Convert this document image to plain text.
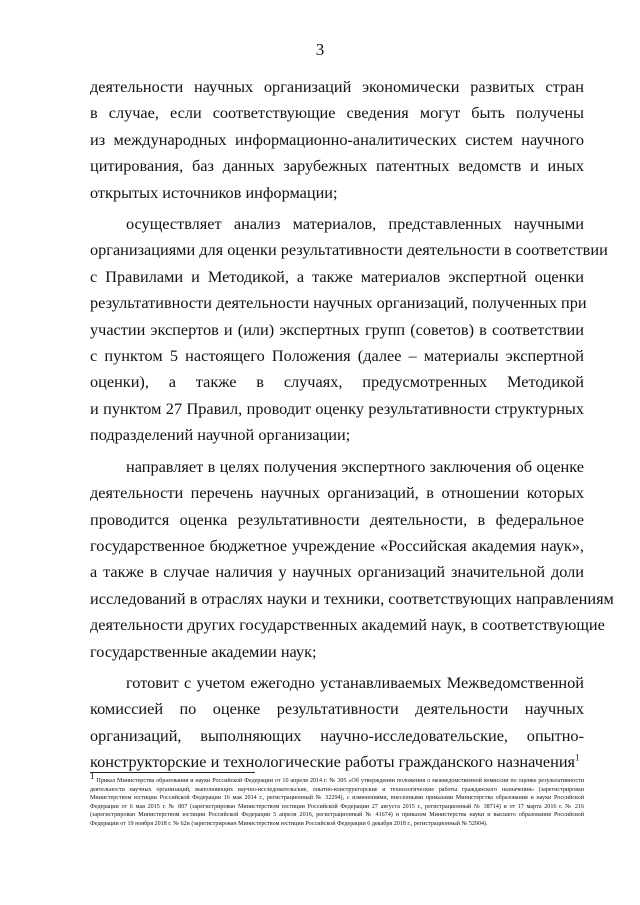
3

деятельности научных организаций экономически развитых стран
в случае, если соответствующие сведения могут быть получены
из международных информационно-аналитических систем научного
цитирования, баз данных зарубежных патентных ведомств и иных
открытых источников информации;

осуществляет анализ материалов, представленных научными
организациями для оценки результативности деятельности в соответствии
с Правилами и Методикой, а также материалов экспертной оценки
результативности деятельности научных организаций, полученных при
участии экспертов и (или) экспертных групп (советов) в соответствии
с пунктом 5 настоящего Положения (далее – материалы экспертной
оценки), а также в случаях, предусмотренных Методикой
и пунктом 27 Правил, проводит оценку результативности структурных
подразделений научной организации;

направляет в целях получения экспертного заключения об оценке
деятельности перечень научных организаций, в отношении которых
проводится оценка результативности деятельности, в федеральное
государственное бюджетное учреждение «Российская академия наук»,
а также в случае наличия у научных организаций значительной доли
исследований в отраслях науки и техники, соответствующих направлениям
деятельности других государственных академий наук, в соответствующие
государственные академии наук;

готовит с учетом ежегодно устанавливаемых Межведомственной
комиссией по оценке результативности деятельности научных
организаций, выполняющих научно-исследовательские, опытно-
конструкторские и технологические работы гражданского назначения$^1$

1 Приказ Министерства образования и науки Российской Федерации от 10 апреля 2014 г. № 305 «Об утверждении положения о межведомственной комиссии по оценке результативности деятельности научных организаций, выполняющих научно-исследовательские, опытно-конструкторские и технологические работы гражданского назначения» (зарегистрирован Министерством юстиции Российской Федерации 16 мая 2014 г., регистрационный № 32294), с изменениями, внесенными приказами Министерства образования и науки Российской Федерации от 6 мая 2015 г. № 807 (зарегистрирован Министерством юстиции Российской Федерации 27 августа 2015 г., регистрационный № 38714) и от 17 марта 2016 г. № 216 (зарегистрирован Министерством юстиции Российской Федерации 5 апреля 2016, регистрационный № 41674) и приказом Министерства науки и высшего образования Российской Федерации от 19 ноября 2018 г. № 62н (зарегистрирован Министерством юстиции Российской Федерации 6 декабря 2018 г., регистрационный № 52904).
